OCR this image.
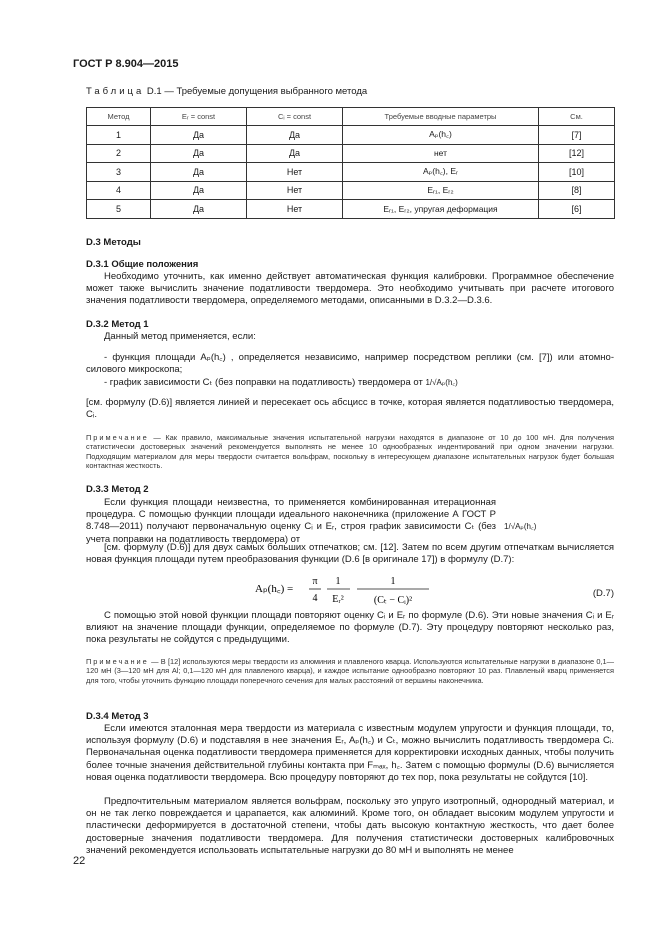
ГОСТ Р 8.904—2015
Таблица D.1 — Требуемые допущения выбранного метода
Метод	Eᵣ = const	Cᵢ = const	Требуемые вводные параметры	См.
1	Да	Да	Aₚ(h꜀)	[7]
2	Да	Да	нет	[12]
3	Да	Нет	Aₚ(h꜀), Eᵣ	[10]
4	Да	Нет	Eᵣ₁, Eᵣ₂	[8]
5	Да	Нет	Eᵣ₁, Eᵣ₂, упругая деформация	[6]
D.3 Методы
D.3.1 Общие положения

Необходимо уточнить, как именно действует автоматическая функция калибровки. Программное обеспечение может также вычислить значение податливости твердомера. Это необходимо учитывать при расчете итогового значения податливости твердомера, определяемого методами, описанными в D.3.2—D.3.6.

D.3.2 Метод 1

Данный метод применяется, если:

- функция площади Aₚ(h꜀) , определяется независимо, например посредством реплики (см. [7]) или атомно-силового микроскопа;

- график зависимости Cₜ (без поправки на податливость) твердомера от 1/√Aₚ(h꜀)

[см. формулу (D.6)] является линией и пересекает ось абсцисс в точке, которая является податливостью твердомера, Cᵢ.

Примечание — Как правило, максимальные значения испытательной нагрузки находятся в диапазоне от 10 до 100 мН. Для получения статистически достоверных значений рекомендуется выполнять не менее 10 однообразных индентирований при одном значении нагрузки. Подходящим материалом для меры твердости считается вольфрам, поскольку в интересующем диапазоне испытательных нагрузок будет большая контактная жесткость.

D.3.3 Метод 2

Если функция площади неизвестна, то применяется комбинированная итерационная процедура. С помощью функции площади идеального наконечника (приложение А ГОСТ Р 8.748—2011) получают первоначальную оценку Cᵢ и Eᵣ, строя график зависимости Cₜ (без учета поправки на податливость твердомера) от

1/√Aₚ(h꜀)

[см. формулу (D.6)] для двух самых больших отпечатков; см. [12]. Затем по всем другим отпечаткам вычисляется новая функция площади путем преобразования функции (D.6 [в оригинале 17]) в формулу (D.7):

Aₚ(h꜀) =
π
4
1
Eᵣ²
1
(Cₜ − Cᵢ)²
(D.7)

С помощью этой новой функции площади повторяют оценку Cᵢ и Eᵣ по формуле (D.6). Эти новые значения Cᵢ и Eᵣ влияют на значение площади функции, определяемое по формуле (D.7). Эту процедуру повторяют несколько раз, пока результаты не сойдутся с предыдущими.

Примечание — В [12] используются меры твердости из алюминия и плавленого кварца. Используются испытательные нагрузки в диапазоне 0,1—120 мН (3—120 мН для Al; 0,1—120 мН для плавленого кварца), и каждое испытание однообразно повторяют 10 раз. Плавленый кварц применяется для того, чтобы уточнить функцию площади поперечного сечения для малых расстояний от вершины наконечника.

D.3.4 Метод 3

Если имеются эталонная мера твердости из материала с известным модулем упругости и функция площади, то, используя формулу (D.6) и подставляя в нее значения Eᵣ, Aₚ(h꜀) и Cₜ, можно вычислить податливость твердомера Cᵢ. Первоначальная оценка податливости твердомера применяется для корректировки исходных данных, чтобы получить более точные значения действительной глубины контакта при Fₘₐₓ, h꜀. Затем с помощью формулы (D.6) вычисляется новая оценка податливости твердомера. Всю процедуру повторяют до тех пор, пока результаты не сойдутся [10].

Предпочтительным материалом является вольфрам, поскольку это упруго изотропный, однородный материал, и он не так легко повреждается и царапается, как алюминий. Кроме того, он обладает высоким модулем упругости и пластически деформируется в достаточной степени, чтобы дать высокую контактную жесткость, что дает более достоверные значения податливости твердомера. Для получения статистически достоверных калибровочных значений рекомендуется использовать испытательные нагрузки до 80 мН и выполнять не менее

22
